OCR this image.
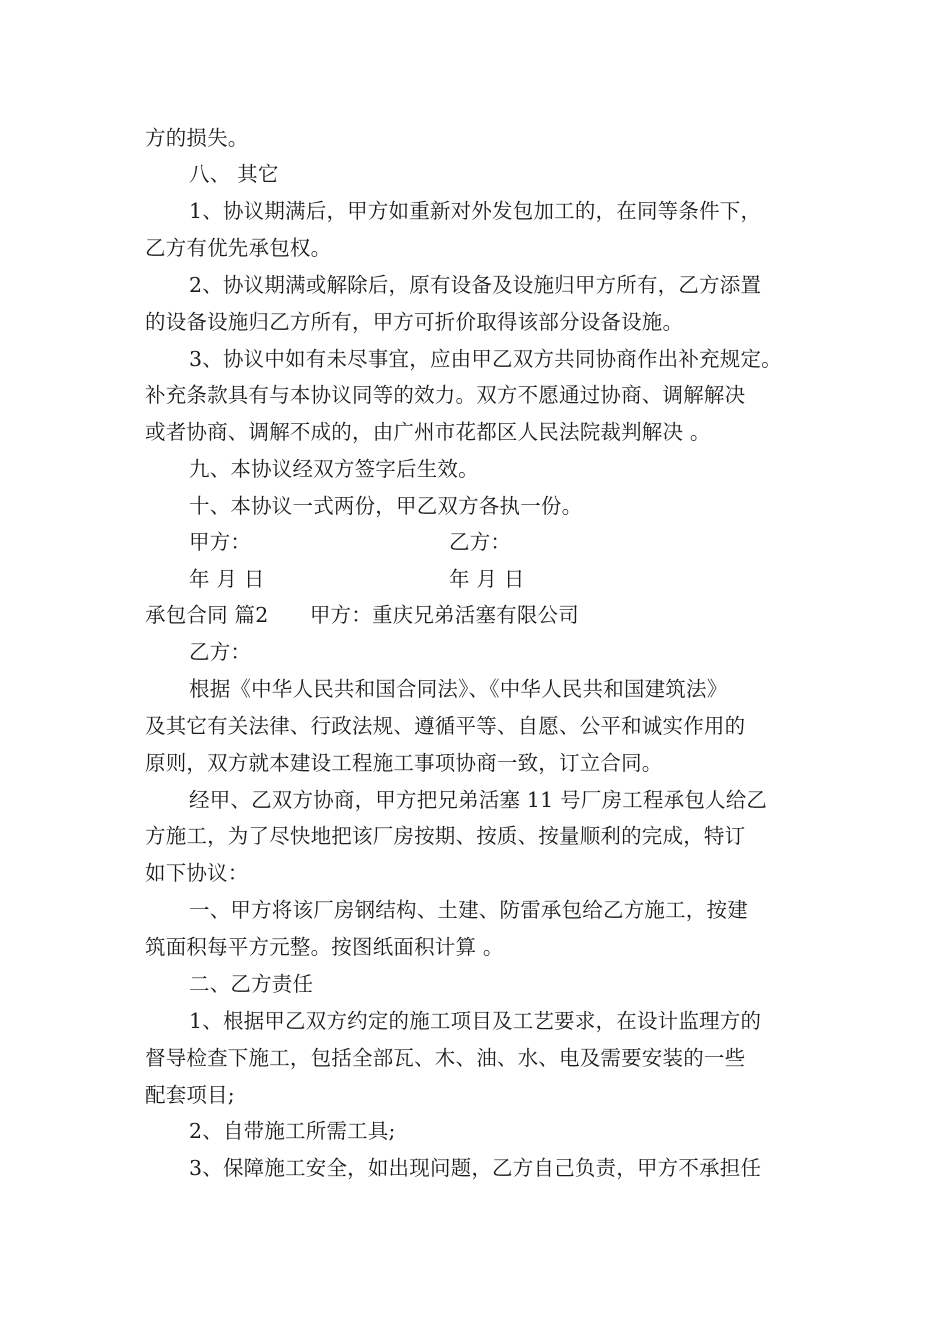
方的损失。
八、 其它
1、协议期满后，甲方如重新对外发包加工的，在同等条件下，
乙方有优先承包权。
2、协议期满或解除后，原有设备及设施归甲方所有，乙方添置
的设备设施归乙方所有，甲方可折价取得该部分设备设施。
3、协议中如有未尽事宜，应由甲乙双方共同协商作出补充规定。
补充条款具有与本协议同等的效力。双方不愿通过协商、调解解决
或者协商、调解不成的，由广州市花都区人民法院裁判解决 。
九、本协议经双方签字后生效。
十、本协议一式两份，甲乙双方各执一份。
甲方：	乙方：
年 月 日	年 月 日
承包合同 篇2　　甲方：重庆兄弟活塞有限公司
乙方：
根据《中华人民共和国合同法》、《中华人民共和国建筑法》
及其它有关法律、行政法规、遵循平等、自愿、公平和诚实作用的
原则，双方就本建设工程施工事项协商一致，订立合同。
经甲、乙双方协商，甲方把兄弟活塞 11 号厂房工程承包人给乙
方施工，为了尽快地把该厂房按期、按质、按量顺利的完成，特订
如下协议：
一、甲方将该厂房钢结构、土建、防雷承包给乙方施工，按建
筑面积每平方元整。按图纸面积计算 。
二、乙方责任
1、根据甲乙双方约定的施工项目及工艺要求，在设计监理方的
督导检查下施工，包括全部瓦、木、油、水、电及需要安装的一些
配套项目;
2、自带施工所需工具;
3、保障施工安全，如出现问题，乙方自己负责，甲方不承担任
